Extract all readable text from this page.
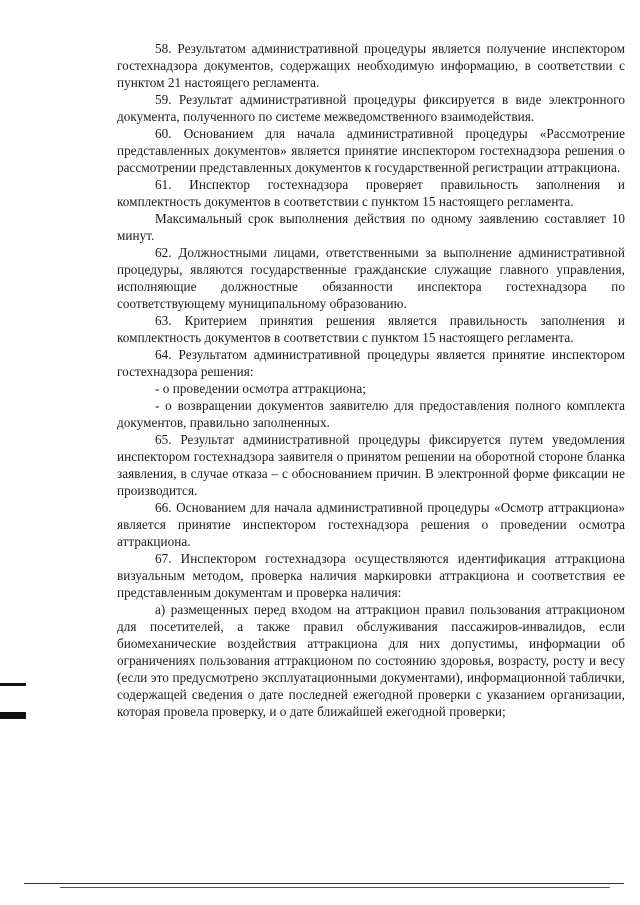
58. Результатом административной процедуры является получение инспектором гостехнадзора документов, содержащих необходимую информацию, в соответствии с пунктом 21 настоящего регламента.

59. Результат административной процедуры фиксируется в виде электронного документа, полученного по системе межведомственного взаимодействия.

60. Основанием для начала административной процедуры «Рассмотрение представленных документов» является принятие инспектором гостехнадзора решения о рассмотрении представленных документов к государственной регистрации аттракциона.

61. Инспектор гостехнадзора проверяет правильность заполнения и комплектность документов в соответствии с пунктом 15 настоящего регламента.

Максимальный срок выполнения действия по одному заявлению составляет 10 минут.

62. Должностными лицами, ответственными за выполнение административной процедуры, являются государственные гражданские служащие главного управления, исполняющие должностные обязанности инспектора гостехнадзора по соответствующему муниципальному образованию.

63. Критерием принятия решения является правильность заполнения и комплектность документов в соответствии с пунктом 15 настоящего регламента.

64. Результатом административной процедуры является принятие инспектором гостехнадзора решения:

- о проведении осмотра аттракциона;

- о возвращении документов заявителю для предоставления полного комплекта документов, правильно заполненных.

65. Результат административной процедуры фиксируется путем уведомления инспектором гостехнадзора заявителя о принятом решении на оборотной стороне бланка заявления, в случае отказа – с обоснованием причин. В электронной форме фиксации не производится.

66. Основанием для начала административной процедуры «Осмотр аттракциона» является принятие инспектором гостехнадзора решения о проведении осмотра аттракциона.

67. Инспектором гостехнадзора осуществляются идентификация аттракциона визуальным методом, проверка наличия маркировки аттракциона и соответствия ее представленным документам и проверка наличия:

а) размещенных перед входом на аттракцион правил пользования аттракционом для посетителей, а также правил обслуживания пассажиров-инвалидов, если биомеханические воздействия аттракциона для них допустимы, информации об ограничениях пользования аттракционом по состоянию здоровья, возрасту, росту и весу (если это предусмотрено эксплуатационными документами), информационной таблички, содержащей сведения о дате последней ежегодной проверки с указанием организации, которая провела проверку, и о дате ближайшей ежегодной проверки;
